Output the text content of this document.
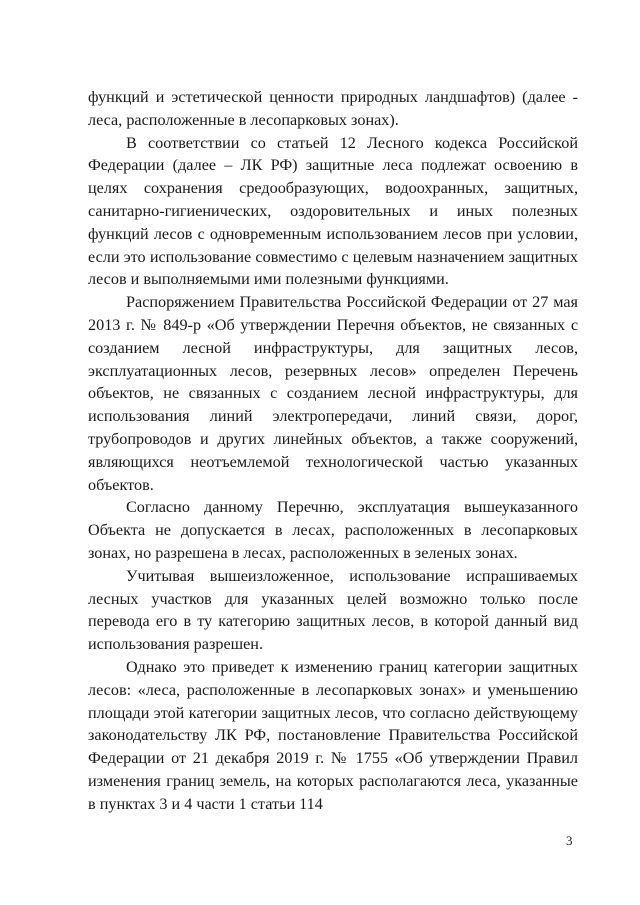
функций и эстетической ценности природных ландшафтов) (далее - леса, расположенные в лесопарковых зонах).

В соответствии со статьей 12 Лесного кодекса Российской Федерации (далее – ЛК РФ) защитные леса подлежат освоению в целях сохранения средообразующих, водоохранных, защитных, санитарно-гигиенических, оздоровительных и иных полезных функций лесов с одновременным использованием лесов при условии, если это использование совместимо с целевым назначением защитных лесов и выполняемыми ими полезными функциями.

Распоряжением Правительства Российской Федерации от 27 мая 2013 г. № 849-р «Об утверждении Перечня объектов, не связанных с созданием лесной инфраструктуры, для защитных лесов, эксплуатационных лесов, резервных лесов» определен Перечень объектов, не связанных с созданием лесной инфраструктуры, для использования линий электропередачи, линий связи, дорог, трубопроводов и других линейных объектов, а также сооружений, являющихся неотъемлемой технологической частью указанных объектов.

Согласно данному Перечню, эксплуатация вышеуказанного Объекта не допускается в лесах, расположенных в лесопарковых зонах, но разрешена в лесах, расположенных в зеленых зонах.

Учитывая вышеизложенное, использование испрашиваемых лесных участков для указанных целей возможно только после перевода его в ту категорию защитных лесов, в которой данный вид использования разрешен.

Однако это приведет к изменению границ категории защитных лесов: «леса, расположенные в лесопарковых зонах» и уменьшению площади этой категории защитных лесов, что согласно действующему законодательству ЛК РФ, постановление Правительства Российской Федерации от 21 декабря 2019 г. № 1755 «Об утверждении Правил изменения границ земель, на которых располагаются леса, указанные в пунктах 3 и 4 части 1 статьи 114

3
